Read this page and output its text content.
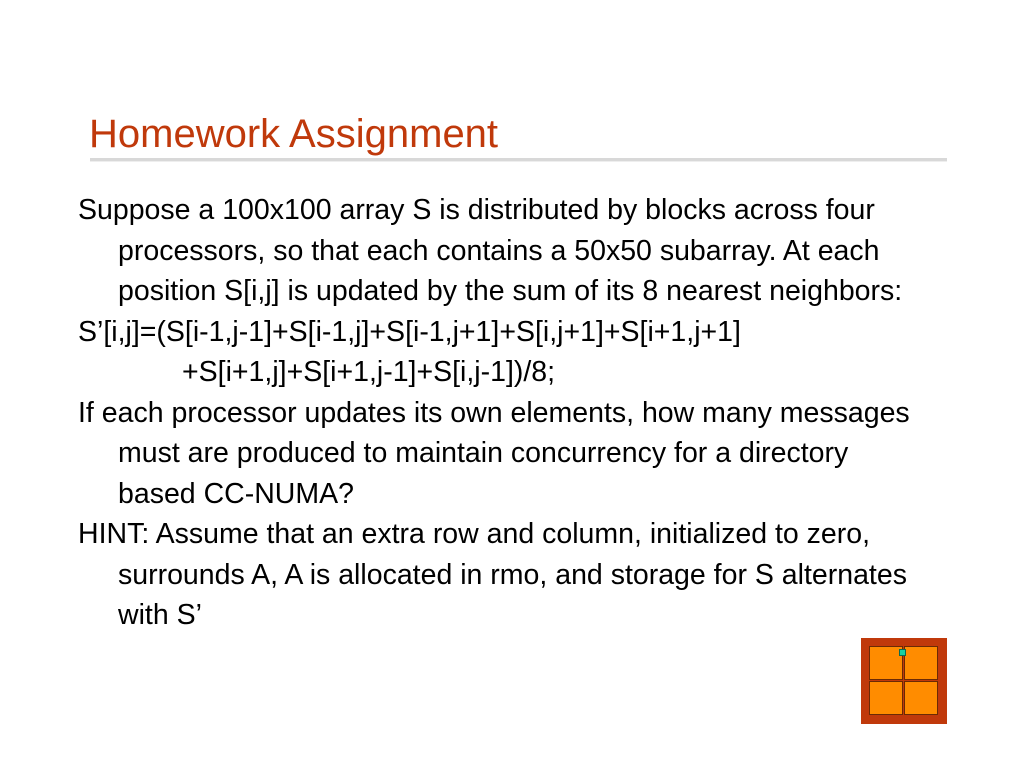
Homework Assignment
Suppose a 100x100 array S is distributed by blocks across four processors, so that each contains a 50x50 subarray. At each position S[i,j] is updated by the sum of its 8 nearest neighbors:
S’[i,j]=(S[i-1,j-1]+S[i-1,j]+S[i-1,j+1]+S[i,j+1]+S[i+1,j+1]
+S[i+1,j]+S[i+1,j-1]+S[i,j-1])/8;
If each processor updates its own elements, how many messages must are produced to maintain concurrency for a directory based CC-NUMA?
HINT: Assume that an extra row and column, initialized to zero, surrounds A, A is allocated in rmo, and storage for S alternates with S’
